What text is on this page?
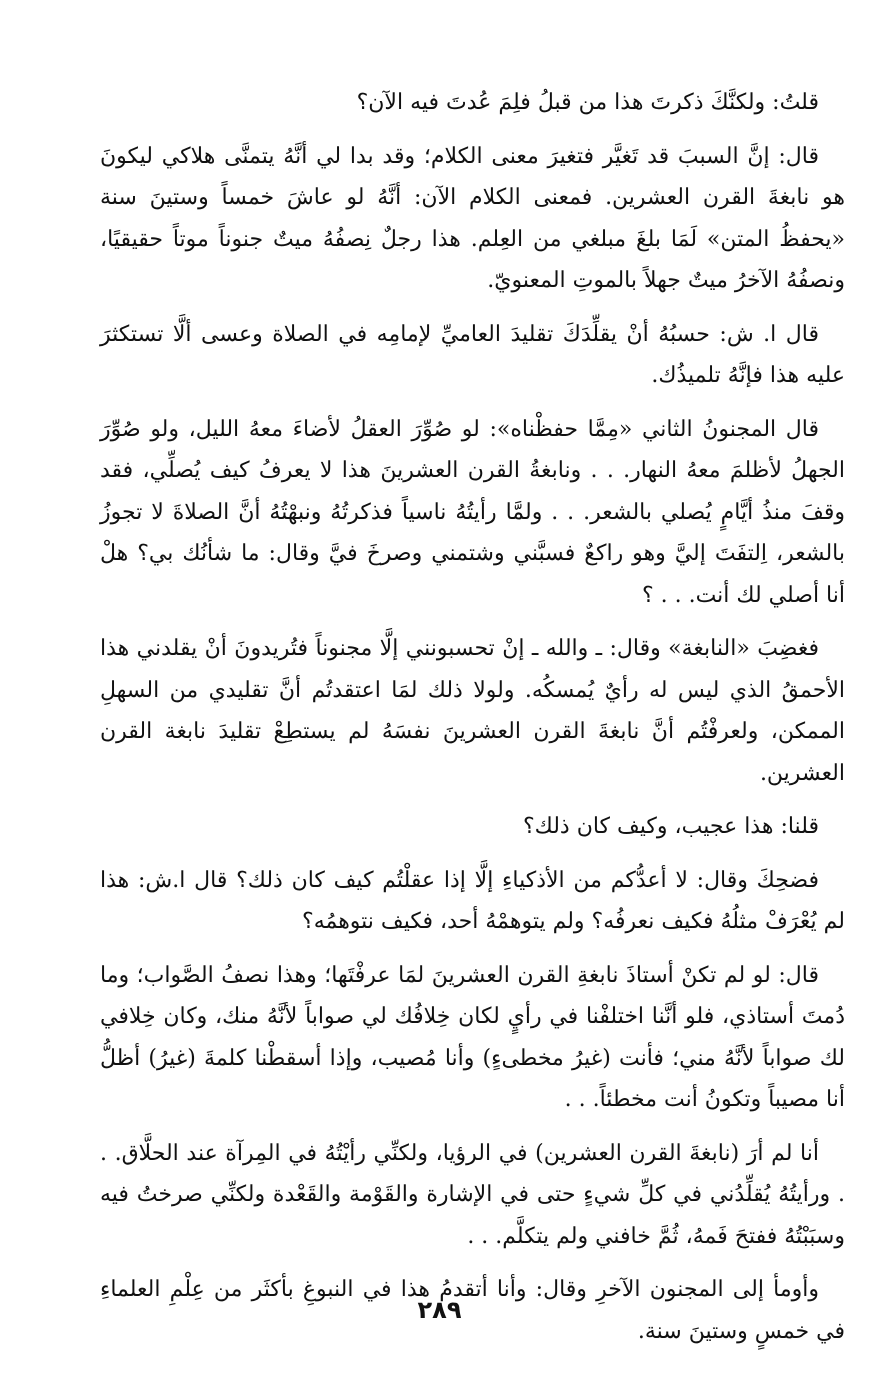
قلتُ: ولكنَّكَ ذكرتَ هذا من قبلُ فلِمَ عُدتَ فيه الآن؟

قال: إنَّ السببَ قد تَغيَّر فتغيرَ معنى الكلام؛ وقد بدا لي أنَّهُ يتمنَّى هلاكي ليكونَ هو نابغةَ القرن العشرين. فمعنى الكلام الآن: أنَّهُ لو عاشَ خمساً وستينَ سنة «يحفظُ المتن» لَمَا بلغَ مبلغي من العِلم. هذا رجلٌ نِصفُهُ ميتٌ جنوناً موتاً حقيقيًا، ونصفُهُ الآخرُ ميتٌ جهلاً بالموتِ المعنويّ.

قال ا. ش: حسبُهُ أنْ يقلِّدَكَ تقليدَ العاميِّ لإمامِه في الصلاة وعسى ألَّا تستكثرَ عليه هذا فإنَّهُ تلميذُك.

قال المجنونُ الثاني «مِمَّا حفظْناه»: لو صُوِّرَ العقلُ لأضاءَ معهُ الليل، ولو صُوِّرَ الجهلُ لأظلمَ معهُ النهار. . . ونابغةُ القرن العشرينَ هذا لا يعرفُ كيف يُصلِّي، فقد وقفَ منذُ أيَّامٍ يُصلي بالشعر. . . ولمَّا رأيتُهُ ناسياً فذكرتُهُ ونبهْتُهُ أنَّ الصلاةَ لا تجوزُ بالشعر، اِلتفَتَ إليَّ وهو راكعٌ فسبَّني وشتمني وصرخَ فيَّ وقال: ما شأنُك بي؟ هلْ أنا أصلي لك أنت. . . ؟

فغضِبَ «النابغة» وقال: ـ والله ـ إنْ تحسبونني إلَّا مجنوناً فتُريدونَ أنْ يقلدني هذا الأحمقُ الذي ليس له رأيٌ يُمسكُه. ولولا ذلك لمَا اعتقدتُم أنَّ تقليدي من السهلِ الممكن، ولعرفْتُم أنَّ نابغةَ القرن العشرينَ نفسَهُ لم يستطِعْ تقليدَ نابغة القرن العشرين.

قلنا: هذا عجيب، وكيف كان ذلك؟

فضحِكَ وقال: لا أعدُّكم من الأذكياءِ إلَّا إذا عقلْتُم كيف كان ذلك؟ قال ا.ش: هذا لم يُعْرَفْ مثلُهُ فكيف نعرفُه؟ ولم يتوهمْهُ أحد، فكيف نتوهمُه؟

قال: لو لم تكنْ أستاذَ نابغةِ القرن العشرينَ لمَا عرفْتَها؛ وهذا نصفُ الصَّواب؛ وما دُمتَ أستاذي، فلو أنَّنا اختلفْنا في رأيٍ لكان خِلافُك لي صواباً لأنَّهُ منك، وكان خِلافي لك صواباً لأنَّهُ مني؛ فأنت (غيرُ مخطىءٍ) وأنا مُصيب، وإذا أسقطْنا كلمةَ (غيرُ) أظلُّ أنا مصيباً وتكونُ أنت مخطئاً. . .

أنا لم أرَ (نابغةَ القرن العشرين) في الرؤيا، ولكنِّي رأيْتُهُ في المِرآة عند الحلَّاق. . . ورأيتُهُ يُقلِّدُني في كلِّ شيءٍ حتى في الإشارة والقَوْمة والقَعْدة ولكنِّي صرختُ فيه وسبَبْتُهُ ففتحَ فَمهُ، ثُمَّ خافني ولم يتكلَّم. . .

وأومأ إلى المجنون الآخرِ وقال: وأنا أتقدمُ هذا في النبوغِ بأكثَر من عِلْمِ العلماءِ في خمسٍ وستينَ سنة.

٢٨٩
